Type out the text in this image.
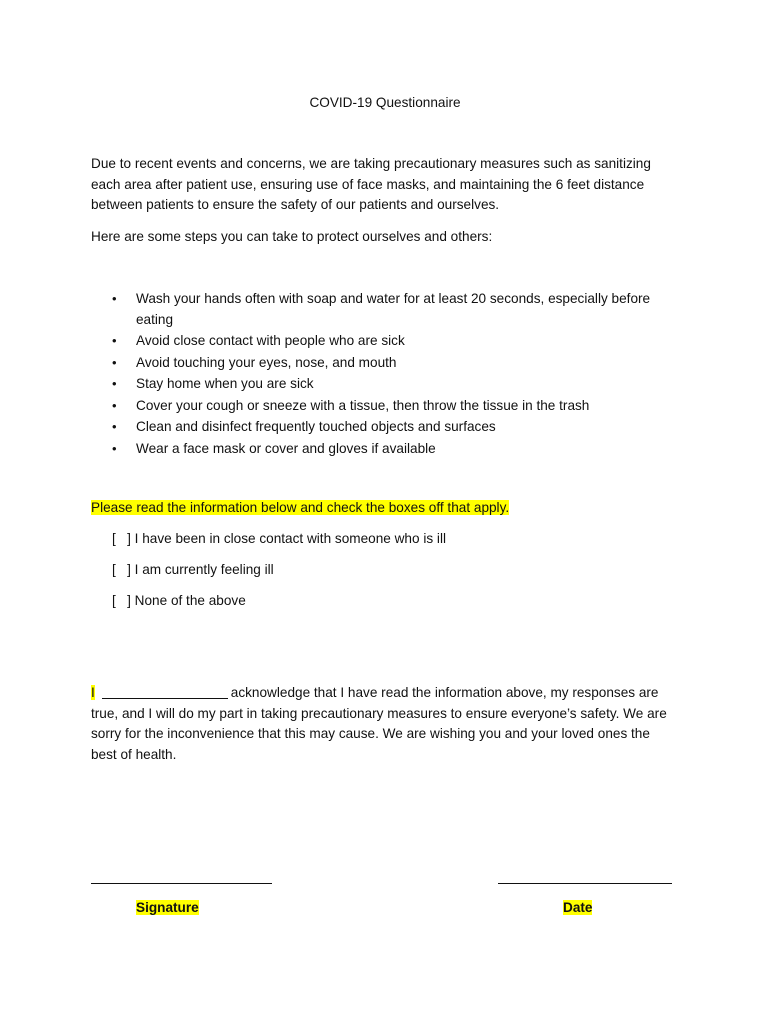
COVID-19 Questionnaire
Due to recent events and concerns, we are taking precautionary measures such as sanitizing each area after patient use, ensuring use of face masks, and maintaining the 6 feet distance between patients to ensure the safety of our patients and ourselves.
Here are some steps you can take to protect ourselves and others:
• Wash your hands often with soap and water for at least 20 seconds, especially before eating
• Avoid close contact with people who are sick
• Avoid touching your eyes, nose, and mouth
• Stay home when you are sick
• Cover your cough or sneeze with a tissue, then throw the tissue in the trash
• Clean and disinfect frequently touched objects and surfaces
• Wear a face mask or cover and gloves if available
Please read the information below and check the boxes off that apply.
[   ] I have been in close contact with someone who is ill
[   ] I am currently feeling ill
[   ] None of the above
I	acknowledge that I have read the information above, my responses are true, and I will do my part in taking precautionary measures to ensure everyone’s safety. We are sorry for the inconvenience that this may cause. We are wishing you and your loved ones the best of health.
Signature	Date
